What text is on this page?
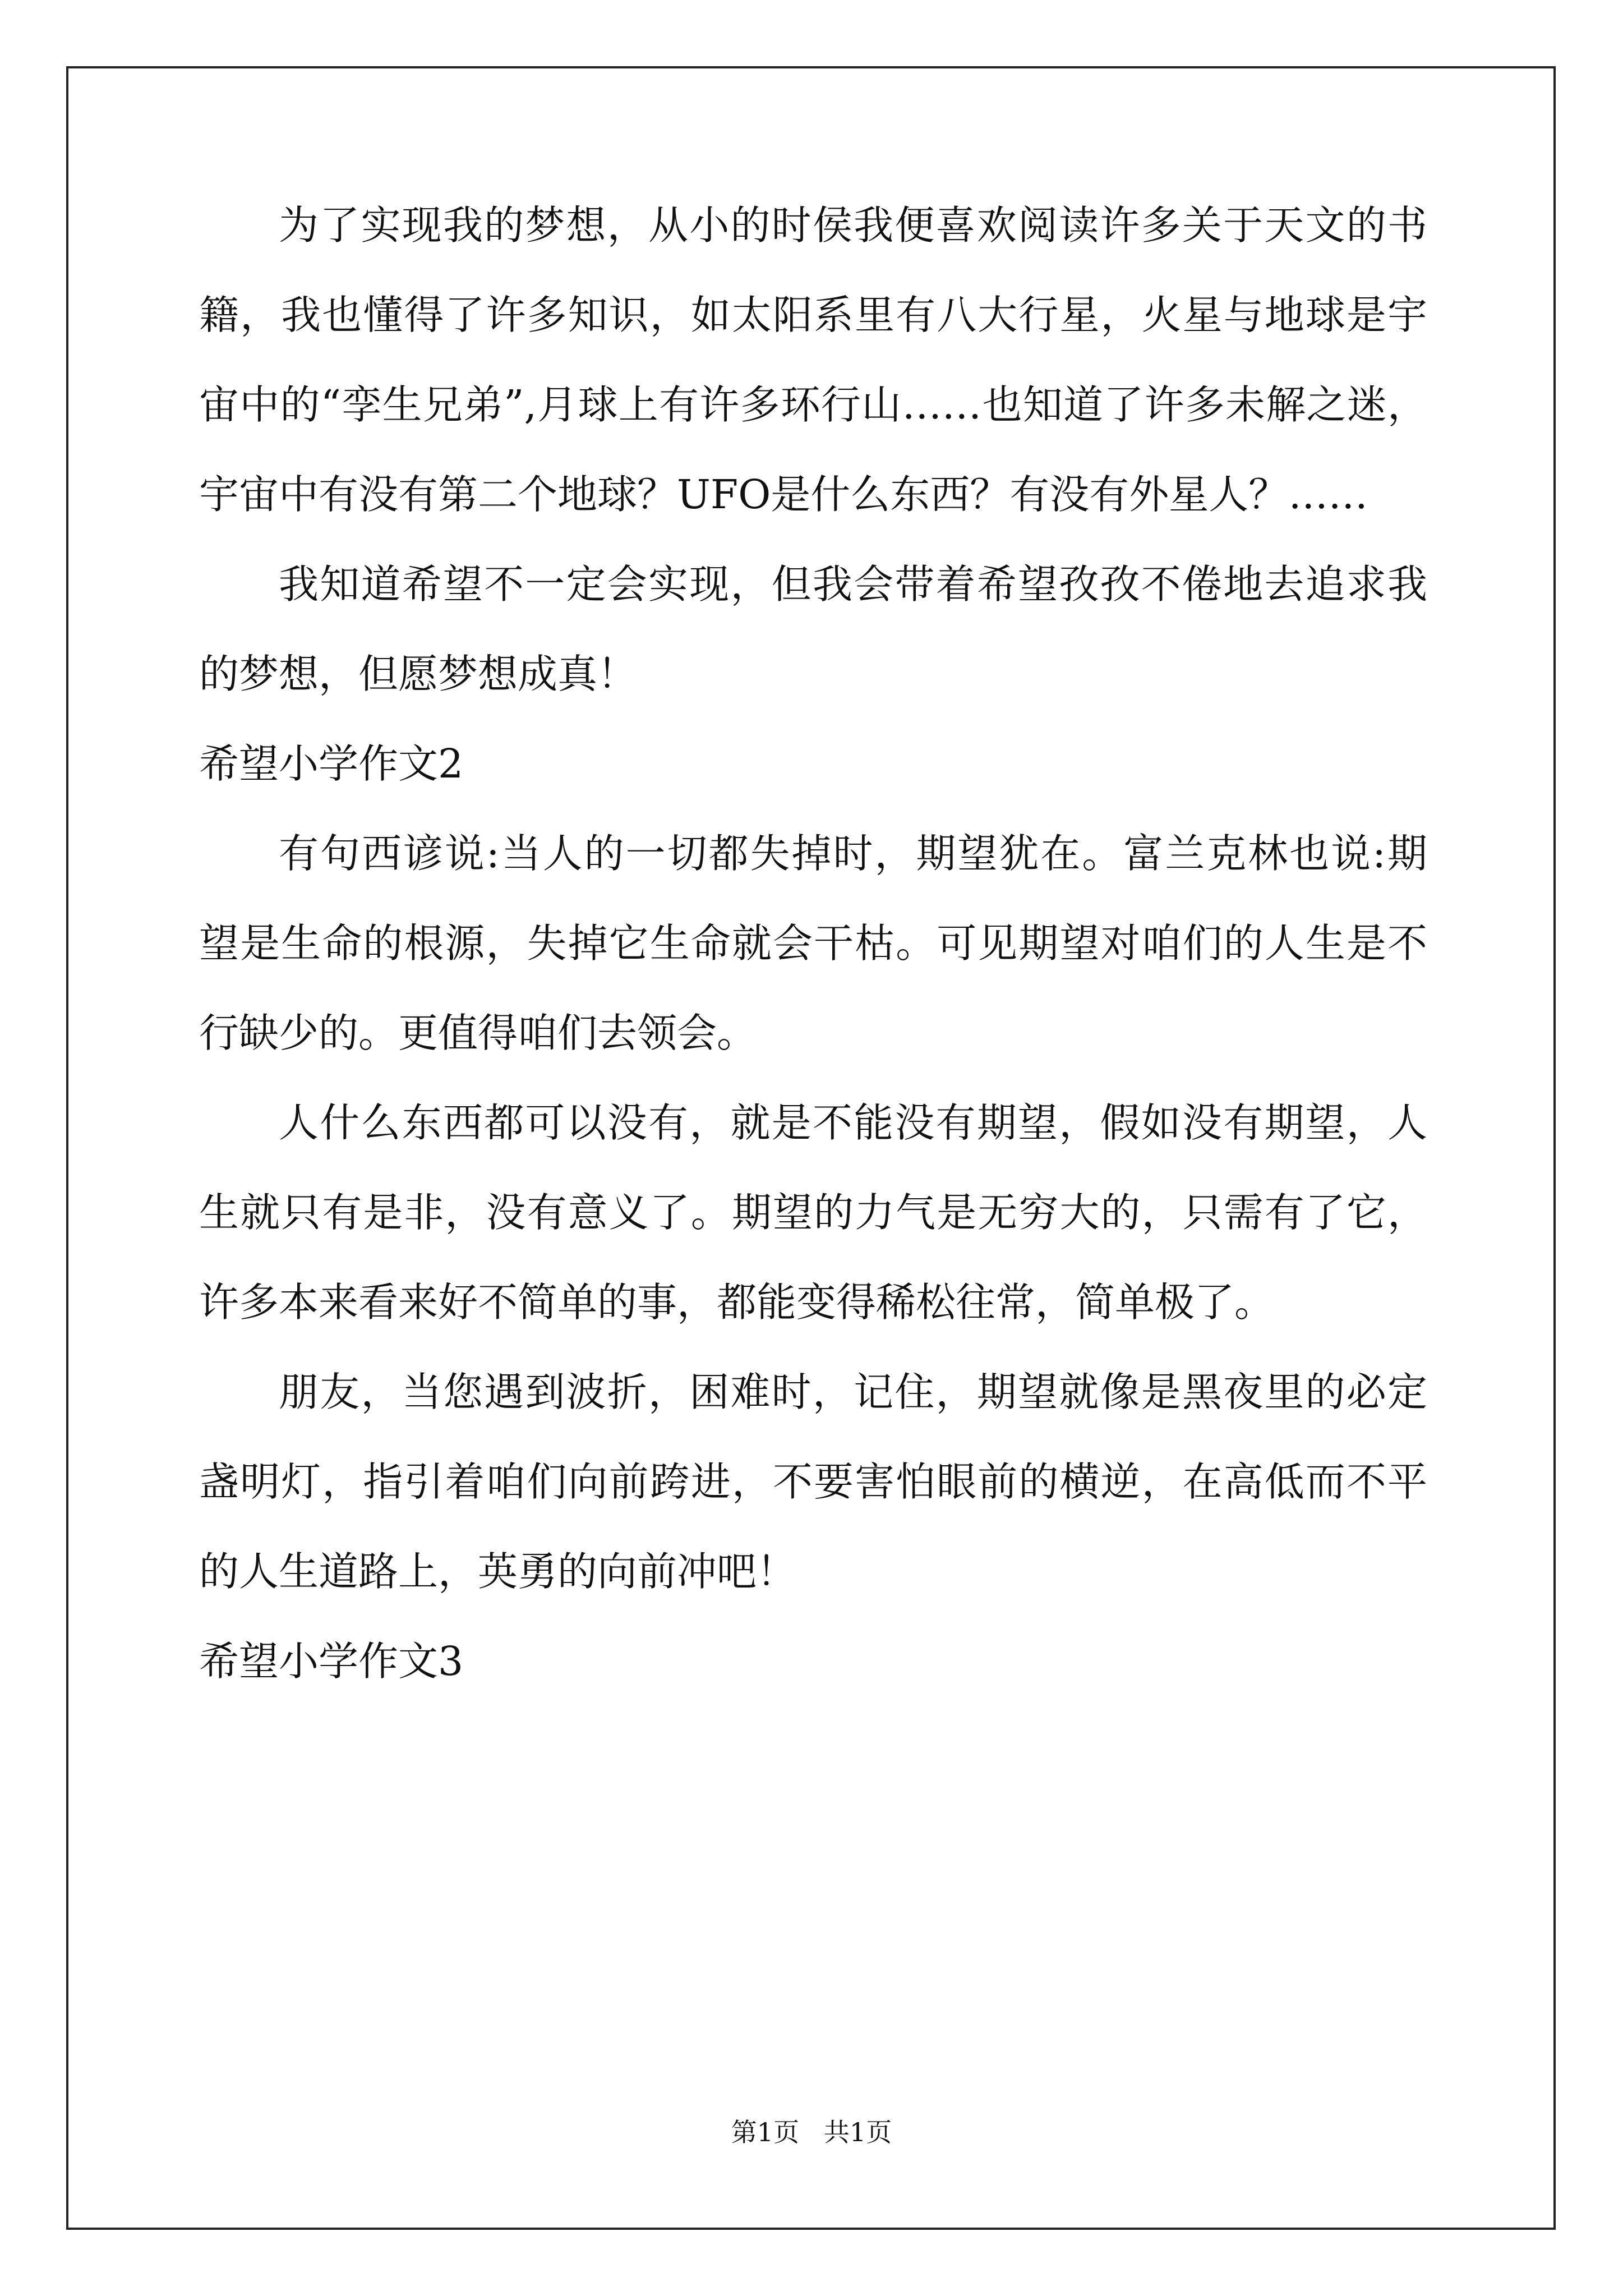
为了实现我的梦想，从小的时侯我便喜欢阅读许多关于天文的书
籍，我也懂得了许多知识，如太阳系里有八大行星，火星与地球是宇
宙中的“孪生兄弟”,月球上有许多环行山……也知道了许多未解之迷，
宇宙中有没有第二个地球？UFO是什么东西？有没有外星人？……
我知道希望不一定会实现，但我会带着希望孜孜不倦地去追求我
的梦想，但愿梦想成真！
希望小学作文2
有句西谚说:当人的一切都失掉时，期望犹在。富兰克林也说:期
望是生命的根源，失掉它生命就会干枯。可见期望对咱们的人生是不
行缺少的。更值得咱们去领会。
人什么东西都可以没有，就是不能没有期望，假如没有期望，人
生就只有是非，没有意义了。期望的力气是无穷大的，只需有了它，
许多本来看来好不简单的事，都能变得稀松往常，简单极了。
朋友，当您遇到波折，困难时，记住，期望就像是黑夜里的必定
盏明灯，指引着咱们向前跨进，不要害怕眼前的横逆，在高低而不平
的人生道路上，英勇的向前冲吧！
希望小学作文3
第1页   共1页
